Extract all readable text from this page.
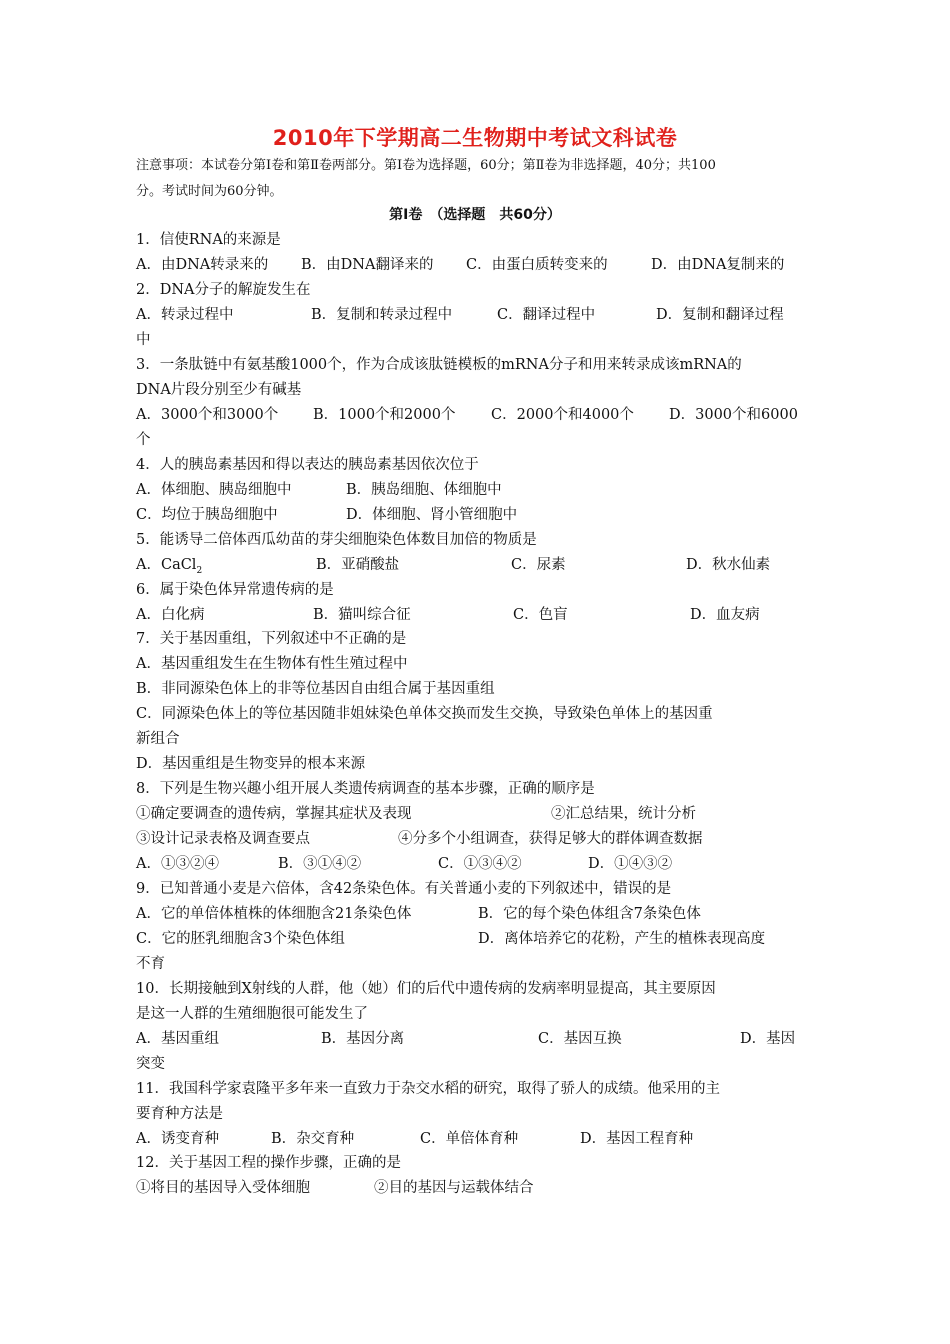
2010年下学期高二生物期中考试文科试卷
注意事项：本试卷分第Ⅰ卷和第Ⅱ卷两部分。第Ⅰ卷为选择题，60分；第Ⅱ卷为非选择题，40分；共100
分。考试时间为60分钟。
第Ⅰ卷　（选择题　共60分）
1．信使RNA的来源是
A．由DNA转录来的 B．由DNA翻译来的 C．由蛋白质转变来的	D．由DNA复制来的
2．DNA分子的解旋发生在
A．转录过程中	B．复制和转录过程中	C．翻译过程中	D．复制和翻译过程
中
3．一条肽链中有氨基酸1000个，作为合成该肽链模板的mRNA分子和用来转录成该mRNA的
DNA片段分别至少有碱基
A．3000个和3000个 B．1000个和2000个 C．2000个和4000个 D．3000个和6000
个
4．人的胰岛素基因和得以表达的胰岛素基因依次位于
A．体细胞、胰岛细胞中	B．胰岛细胞、体细胞中
C．均位于胰岛细胞中	D．体细胞、肾小管细胞中
5．能诱导二倍体西瓜幼苗的芽尖细胞染色体数目加倍的物质是
A．CaCl$_2$	B．亚硝酸盐	C．尿素	D．秋水仙素
6．属于染色体异常遗传病的是
A．白化病	B．猫叫综合征	C．色盲	D．血友病
7．关于基因重组，下列叙述中不正确的是
A．基因重组发生在生物体有性生殖过程中
B．非同源染色体上的非等位基因自由组合属于基因重组
C．同源染色体上的等位基因随非姐妹染色单体交换而发生交换，导致染色单体上的基因重
新组合
D．基因重组是生物变异的根本来源
8．下列是生物兴趣小组开展人类遗传病调查的基本步骤，正确的顺序是
①确定要调查的遗传病，掌握其症状及表现	②汇总结果，统计分析
③设计记录表格及调查要点	④分多个小组调查，获得足够大的群体调查数据
A．①③②④	B．③①④②	C．①③④②	D．①④③②
9．已知普通小麦是六倍体，含42条染色体。有关普通小麦的下列叙述中，错误的是
A．它的单倍体植株的体细胞含21条染色体	B．它的每个染色体组含7条染色体
C．它的胚乳细胞含3个染色体组	D．离体培养它的花粉，产生的植株表现高度
不育
10．长期接触到X射线的人群，他（她）们的后代中遗传病的发病率明显提高，其主要原因
是这一人群的生殖细胞很可能发生了
A．基因重组	B．基因分离	C．基因互换	D．基因
突变
11．我国科学家袁隆平多年来一直致力于杂交水稻的研究，取得了骄人的成绩。他采用的主
要育种方法是
A．诱变育种	B．杂交育种	C．单倍体育种	D．基因工程育种
12．关于基因工程的操作步骤，正确的是
①将目的基因导入受体细胞	②目的基因与运载体结合
